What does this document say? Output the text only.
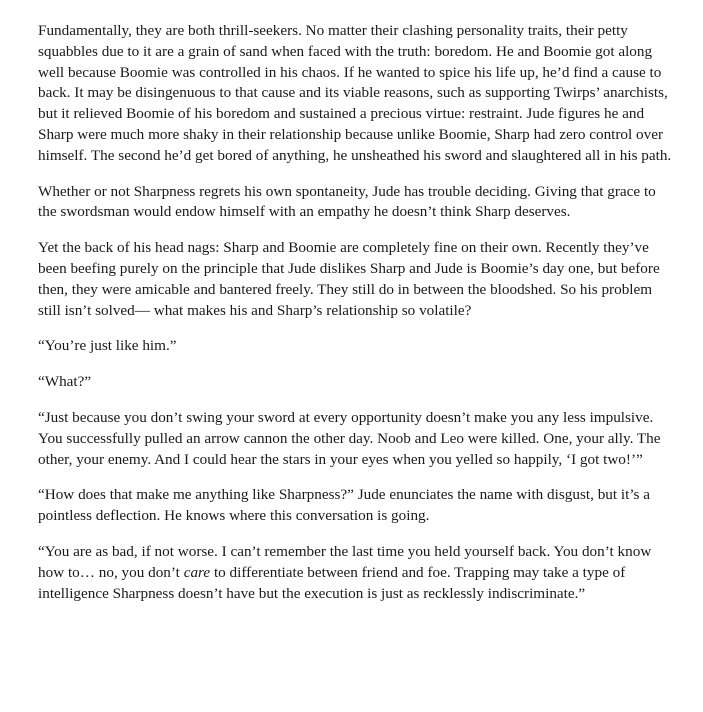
Fundamentally, they are both thrill-seekers. No matter their clashing personality traits, their petty squabbles due to it are a grain of sand when faced with the truth: boredom. He and Boomie got along well because Boomie was controlled in his chaos. If he wanted to spice his life up, he’d find a cause to back. It may be disingenuous to that cause and its viable reasons, such as supporting Twirps’ anarchists, but it relieved Boomie of his boredom and sustained a precious virtue: restraint. Jude figures he and Sharp were much more shaky in their relationship because unlike Boomie, Sharp had zero control over himself. The second he’d get bored of anything, he unsheathed his sword and slaughtered all in his path.

Whether or not Sharpness regrets his own spontaneity, Jude has trouble deciding. Giving that grace to the swordsman would endow himself with an empathy he doesn’t think Sharp deserves.

Yet the back of his head nags: Sharp and Boomie are completely fine on their own. Recently they’ve been beefing purely on the principle that Jude dislikes Sharp and Jude is Boomie’s day one, but before then, they were amicable and bantered freely. They still do in between the bloodshed. So his problem still isn’t solved— what makes his and Sharp’s relationship so volatile?

“You’re just like him.”

“What?”

“Just because you don’t swing your sword at every opportunity doesn’t make you any less impulsive. You successfully pulled an arrow cannon the other day. Noob and Leo were killed. One, your ally. The other, your enemy. And I could hear the stars in your eyes when you yelled so happily, ‘I got two!’”

“How does that make me anything like Sharpness?” Jude enunciates the name with disgust, but it’s a pointless deflection. He knows where this conversation is going.

“You are as bad, if not worse. I can’t remember the last time you held yourself back. You don’t know how to… no, you don’t care to differentiate between friend and foe. Trapping may take a type of intelligence Sharpness doesn’t have but the execution is just as recklessly indiscriminate.”
